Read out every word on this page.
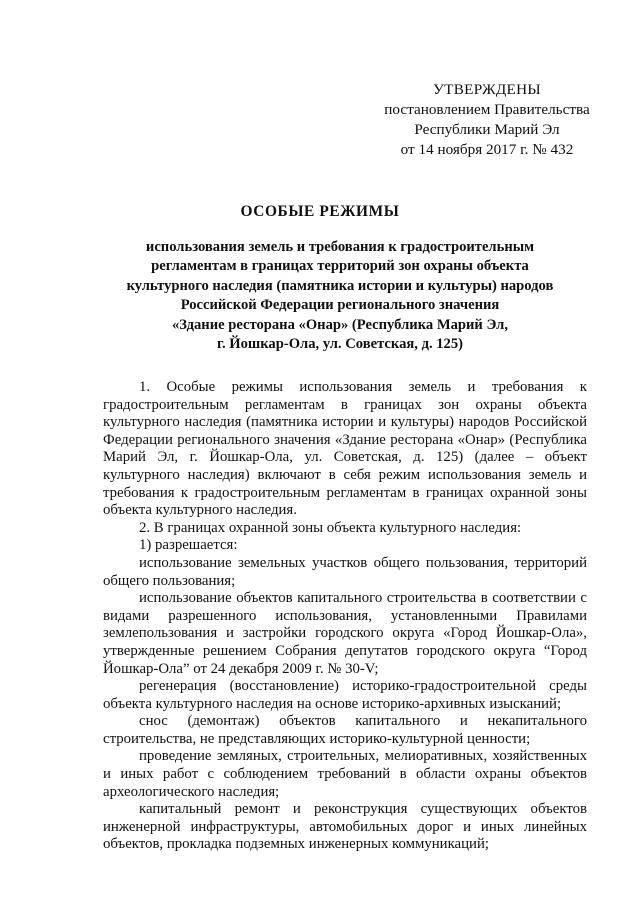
УТВЕРЖДЕНЫ
постановлением Правительства
Республики Марий Эл
от 14 ноября 2017 г. № 432
ОСОБЫЕ РЕЖИМЫ
использования земель и требования к градостроительным
регламентам в границах территорий зон охраны объекта
культурного наследия (памятника истории и культуры) народов
Российской Федерации регионального значения
«Здание ресторана «Онар» (Республика Марий Эл,
г. Йошкар-Ола, ул. Советская, д. 125)

1. Особые режимы использования земель и требования к градостроительным регламентам в границах зон охраны объекта культурного наследия (памятника истории и культуры) народов Российской Федерации регионального значения «Здание ресторана «Онар» (Республика Марий Эл, г. Йошкар-Ола, ул. Советская, д. 125) (далее – объект культурного наследия) включают в себя режим использования земель и требования к градостроительным регламентам в границах охранной зоны объекта культурного наследия.

2. В границах охранной зоны объекта культурного наследия:

1) разрешается:

использование земельных участков общего пользования, территорий общего пользования;

использование объектов капитального строительства в соответствии с видами разрешенного использования, установленными Правилами землепользования и застройки городского округа «Город Йошкар-Ола», утвержденные решением Собрания депутатов городского округа “Город Йошкар-Ола” от 24 декабря 2009 г. № 30-V;

регенерация (восстановление) историко-градостроительной среды объекта культурного наследия на основе историко-архивных изысканий;

снос (демонтаж) объектов капитального и некапитального строительства, не представляющих историко-культурной ценности;

проведение земляных, строительных, мелиоративных, хозяйственных и иных работ с соблюдением требований в области охраны объектов археологического наследия;

капитальный ремонт и реконструкция существующих объектов инженерной инфраструктуры, автомобильных дорог и иных линейных объектов, прокладка подземных инженерных коммуникаций;
